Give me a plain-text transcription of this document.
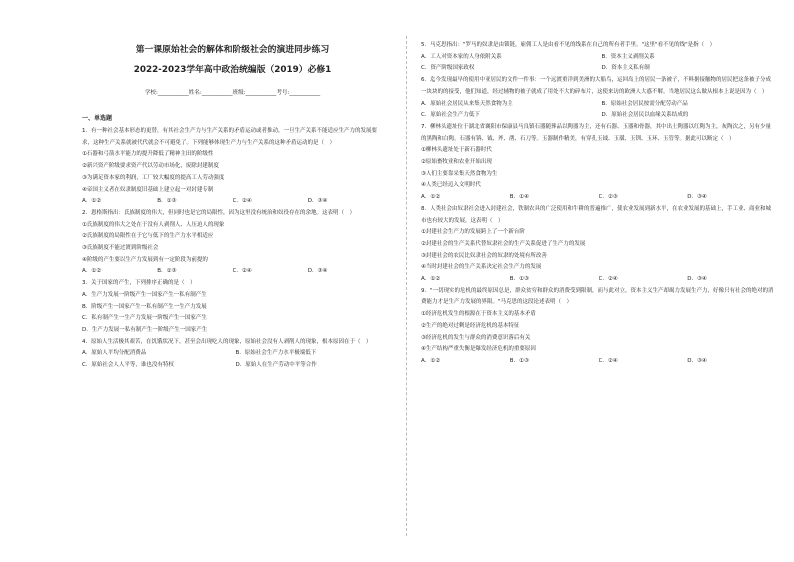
第一课原始社会的解体和阶级社会的演进同步练习
2022-2023学年高中政治统编版（2019）必修1
学校:___________姓名:___________班级:___________考号:___________
一、单选题
1．有一种社会基本形态的更替，有其社会生产力与生产关系的矛盾运动或者推动，一旦生产关系不能适应生产力的发展要求，这种生产关系就被代代就会不可避免了。下列能够体现生产力与生产关系的这种矛盾运动的是（　）
①石器和弓箭水平能力的提升降低了精神主田的阶级性
②新兴资产阶级要求资产代以劳动市场化，废除封建制度
③为满足资本家的利润，工厂较大幅度的提高工人劳动强度
④帝国主义者在奴隶制度旧基础上建立起一对封建专制
A．①②	B．①③	C．②④	D．③④
2．恩格斯指出：氏族制度的伟大，但同时也是它的局限性，因为这里没有统治和奴役存在的余地。这表明（　）
①氏族制度的伟大之处在于没有人剥削人、人压迫人的现象
②氏族制度的局限性在于它与低下的生产力水平相适应
③氏族制度不能过渡到阶级社会
④阶级的产生要以生产力发展到有一定阶段为前提的
A．①②	B．①③	C．②④	D．③④
3．关于国家的产生，下列排序正确的是（　）
A．生产力发展一阶级产生一国家产生一私有制产生
B．阶级产生一国家产生一私有制产生一生产力发展
C．私有制产生一生产力发展一阶级产生一国家产生
D．生产力发展一私有制产生一阶级产生一国家产生
4．原始人生活极其艰苦，在饥饿状况下，甚至会出现吃人的现象，原始社会没有人剥削人的现象，根本原因在于（　）
A．原始人平均分配消费品	B．原始社会生产力水平极端低下
C．原始社会人人平等，谁也没有特权	D．原始人在生产劳动中平等合作
5．马克思指出："罗马的奴隶是由锁链，雇佣工人是由看不见的线系在自己的所有者手里。"这里"看不见的线"是指（　）
A．工人对资本家的人身依附关系	B．资本主义剥削关系
C．资产阶级国家政权	D．资本主义私有制
6．迄今发现最早的使用中亚居民的文件一件事：一个远渡重洋到美洲的大船鸟，运回岛上的居民一条被子，不料据接触物的居民把这条被子分成一块块的的接受，他们知道，经过辅物的被子就成了用处不大的碎布片，这使来访的欧洲人大惑不解。当地居民这么做从根本上说是因为（　）
A．原始社会居民从来集天然食物为主	B．原始社会居民按需分配劳动产品
C．原始社会生产力低下	D．原始社会居民以血缘关系结成的
7．柳林头遗址位于湖北省襄阳市保康县马良镇石器随葬品以陶器为主，还有石器、玉器和骨器，其中出土陶器以红陶为主，灰陶次之，另有少量的黑陶和白陶。石器有锛、钺、斧、凿、石刀等。玉器制作精美，有穿孔玉钺、玉璜、玉钏、玉环、玉管等。据此可以断定（　）
①柳林头遗址处于新石器时代
②原始畜牧业和农业开始出现
③人们主要靠采集天然食物为生
④人类已经迈入文明时代
A．①②	B．①④	C．②③	D．③④
8．人类社会由奴隶社会进入封建社会，铁制农具的广泛使用和牛耕的普遍推广，使农业发展到新水平，在农业发展的基础上，手工业、商业和城市也有较大的发展，这表明（　）
①封建社会生产力的发展跨上了一个新台阶
②封建社会的生产关系代替奴隶社会的生产关系促进了生产力的发展
③封建社会的农民比奴隶社会的奴隶的处境有所改善
④当时封建社会的生产关系决定社会生产力的发展
A．①②	B．①③	C．②④	D．③④
9．"一切现实的危机的最终原因总是，群众贫穷和群众的消费受到限制，而与此对立，资本主义生产却竭力发展生产力，好像只有社会的绝对的消费能力才是生产力发展的界限。"马克思的这段论述表明（　）
①经济危机发生的根源在于资本主义的基本矛盾
②生产的绝对过剩是经济危机的基本特征
③经济危机的发生与群众的消费意识落后有关
④生产结构严重失衡是爆发经济危机的重要原因
A．①②	B．①③	C．②④	D．③④
